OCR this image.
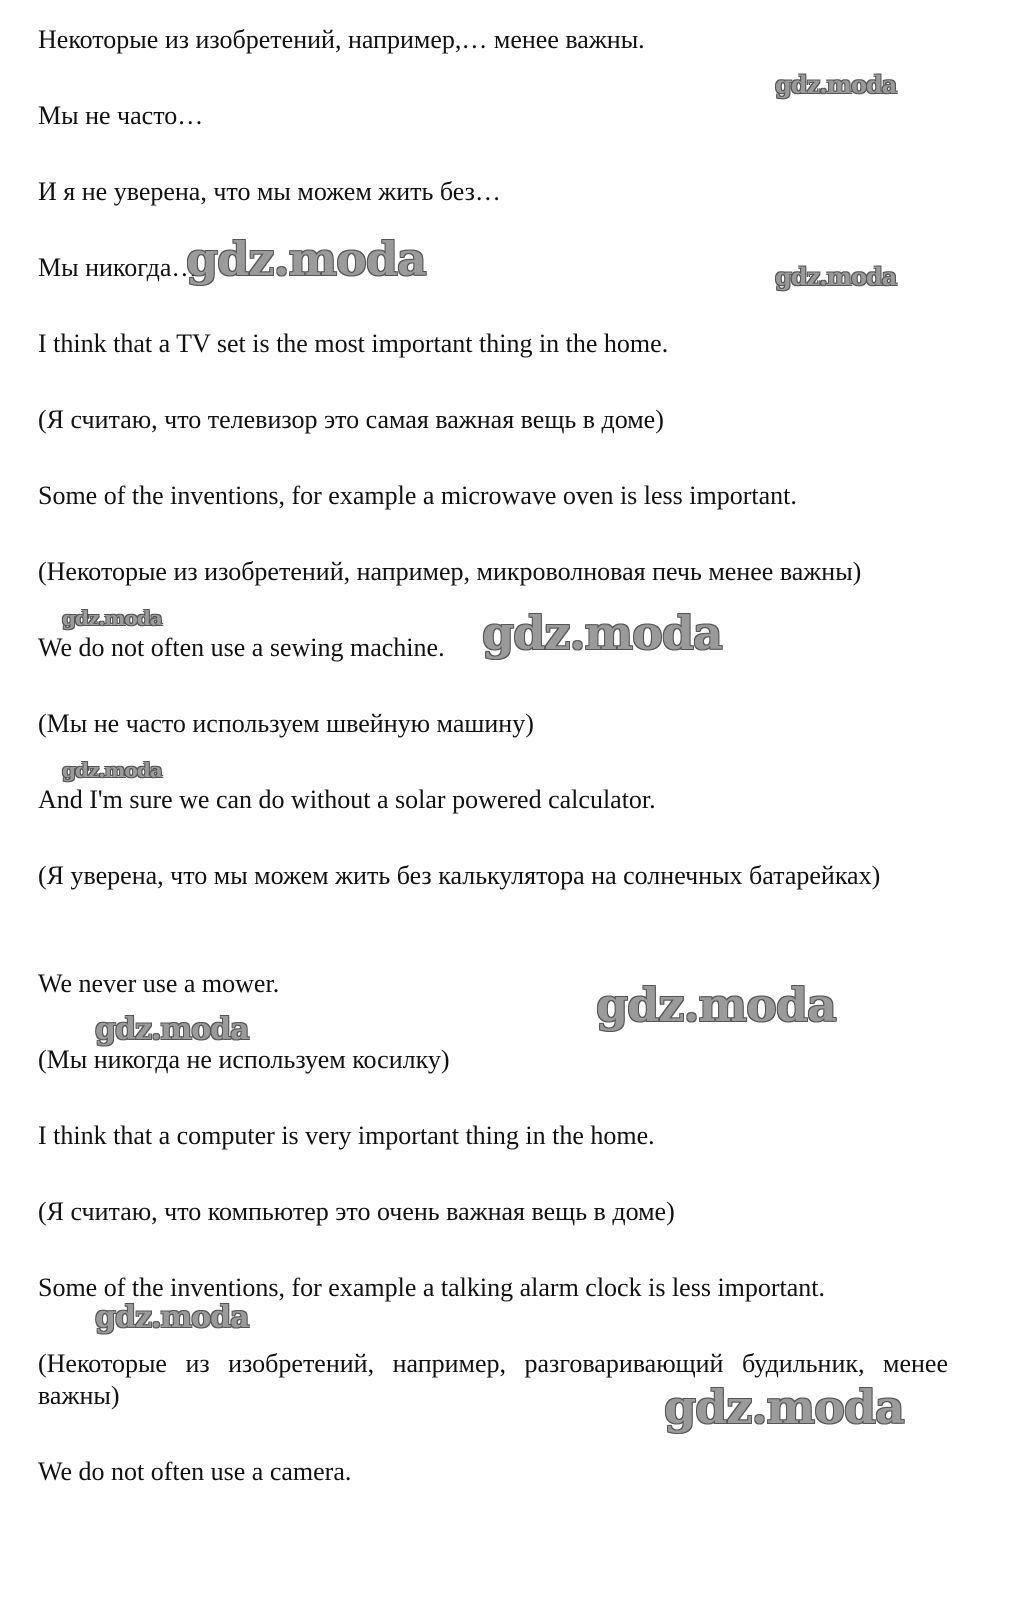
Некоторые из изобретений, например,… менее важны.
Мы не часто…
И я не уверена, что мы можем жить без…
Мы никогда…
I think that a TV set is the most important thing in the home.
(Я считаю, что телевизор это самая важная вещь в доме)
Some of the inventions, for example a microwave oven is less important.
(Некоторые из изобретений, например, микроволновая печь менее важны)
We do not often use a sewing machine.
(Мы не часто используем швейную машину)
And I'm sure we can do without a solar powered calculator.
(Я уверена, что мы можем жить без калькулятора на солнечных батарейках)
We never use a mower.
(Мы никогда не используем косилку)
I think that a computer is very important thing in the home.
(Я считаю, что компьютер это очень важная вещь в доме)
Some of the inventions, for example a talking alarm clock is less important.
(Некоторые из изобретений, например, разговаривающий будильник, менее важны)
We do not often use a camera.
gdz.moda
gdz.moda	gdz.moda
gdz.moda	gdz.moda
gdz.moda
gdz.moda
gdz.moda
gdz.moda
gdz.moda
